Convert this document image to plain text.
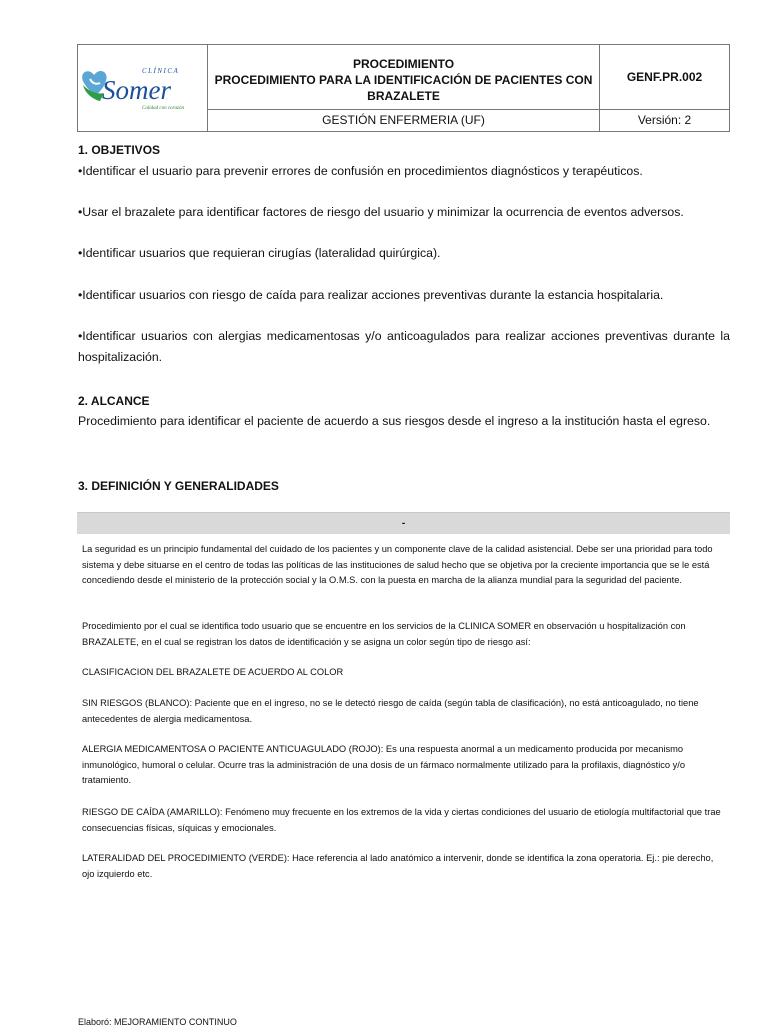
CLÍNICA
Somer
Calidad con corazón
PROCEDIMIENTO
PROCEDIMIENTO PARA LA IDENTIFICACIÓN DE PACIENTES CON
BRAZALETE
GENF.PR.002
GESTIÓN ENFERMERIA (UF)	Versión: 2
1. OBJETIVOS

•Identificar el usuario para prevenir errores de confusión en procedimientos diagnósticos y terapéuticos.

•Usar el brazalete para identificar factores de riesgo del usuario y minimizar la ocurrencia de eventos adversos.

•Identificar usuarios que requieran cirugías (lateralidad quirúrgica).

•Identificar usuarios con riesgo de caída para realizar acciones preventivas durante la estancia hospitalaria.

•Identificar usuarios con alergias medicamentosas y/o anticoagulados para realizar acciones preventivas durante la hospitalización.

2. ALCANCE

Procedimiento para identificar el paciente de acuerdo a sus riesgos desde el ingreso a la institución hasta el egreso.

3. DEFINICIÓN Y GENERALIDADES
-

La seguridad es un principio fundamental del cuidado de los pacientes y un componente clave de la calidad asistencial. Debe ser una prioridad para todo sistema y debe situarse en el centro de todas las políticas de las instituciones de salud hecho que se objetiva por la creciente importancia que se le está concediendo desde el ministerio de la protección social y la O.M.S. con la puesta en marcha de la alianza mundial para la seguridad del paciente.

Procedimiento por el cual se identifica todo usuario que se encuentre en los servicios de la CLINICA SOMER en observación u hospitalización con BRAZALETE, en el cual se registran los datos de identificación y se asigna un color según tipo de riesgo así:

CLASIFICACION DEL BRAZALETE DE ACUERDO AL COLOR

SIN RIESGOS (BLANCO): Paciente que en el ingreso, no se le detectó riesgo de caída (según tabla de clasificación), no está anticoagulado, no tiene antecedentes de alergia medicamentosa.

ALERGIA MEDICAMENTOSA O PACIENTE ANTICUAGULADO (ROJO): Es una respuesta anormal a un medicamento producida por mecanismo inmunológico, humoral o celular. Ocurre tras la administración de una dosis de un fármaco normalmente utilizado para la profilaxis, diagnóstico y/o tratamiento.

RIESGO DE CAÍDA (AMARILLO): Fenómeno muy frecuente en los extremos de la vida y ciertas condiciones del usuario de etiología multifactorial que trae consecuencias físicas, síquicas y emocionales.

LATERALIDAD DEL PROCEDIMIENTO (VERDE): Hace referencia al lado anatómico a intervenir, donde se identifica la zona operatoria. Ej.: pie derecho, ojo izquierdo etc.

Elaboró: MEJORAMIENTO CONTINUO
